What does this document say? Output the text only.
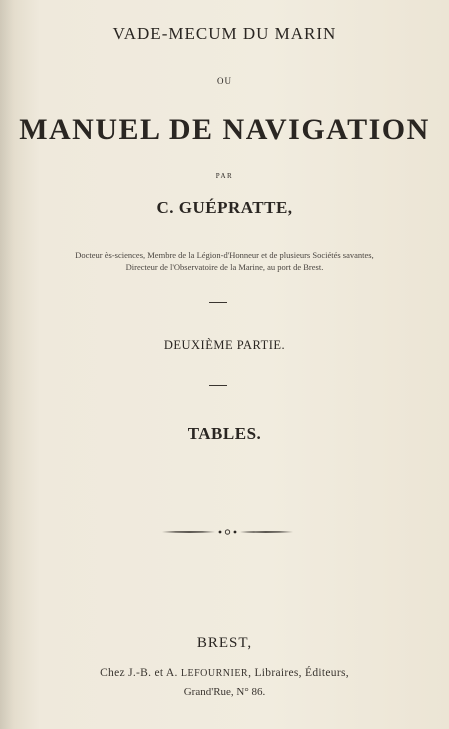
VADE-MECUM DU MARIN
OU
MANUEL DE NAVIGATION
PAR
C. GUÉPRATTE,
Docteur ès-sciences, Membre de la Légion-d'Honneur et de plusieurs Sociétés savantes,
Directeur de l'Observatoire de la Marine, au port de Brest.
DEUXIÈME PARTIE.
TABLES.
BREST,
Chez J.-B. et A. LEFOURNIER, Libraires, Éditeurs,
Grand'Rue, N° 86.
